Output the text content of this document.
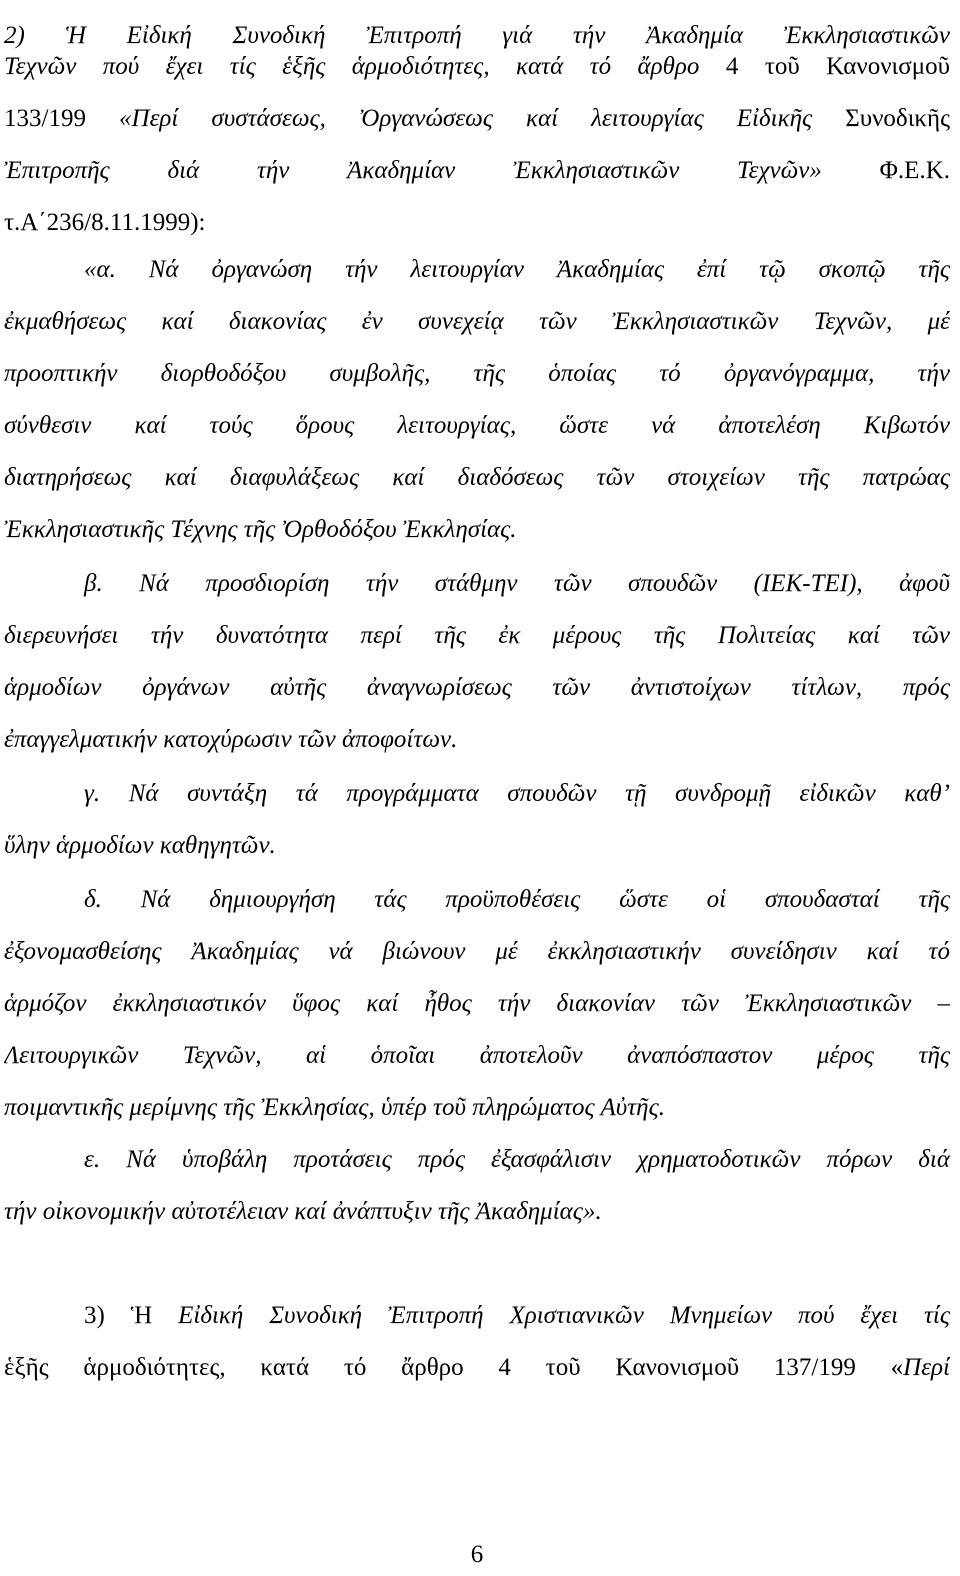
2) Ἡ Εἰδική Συνοδική Ἐπιτροπή γιά τήν Ἀκαδημία Ἐκκλησιαστικῶν

Τεχνῶν πού ἔχει τίς ἑξῆς ἁρμοδιότητες, κατά τό ἄρθρο 4 τοῦ Κανονισμοῦ

133/199 «Περί συστάσεως, Ὀργανώσεως καί λειτουργίας Εἰδικῆς Συνοδικῆς

Ἐπιτροπῆς διά τήν Ἀκαδημίαν Ἐκκλησιαστικῶν Τεχνῶν» Φ.Ε.Κ.

τ.Α΄236/8.11.1999):

«α. Νά ὀργανώση τήν λειτουργίαν Ἀκαδημίας ἐπί τῷ σκοπῷ τῆς

ἐκμαθήσεως καί διακονίας ἐν συνεχείᾳ τῶν Ἐκκλησιαστικῶν Τεχνῶν, μέ

προοπτικήν διορθοδόξου συμβολῆς, τῆς ὁποίας τό ὀργανόγραμμα, τήν

σύνθεσιν καί τούς ὅρους λειτουργίας, ὥστε νά ἀποτελέση Κιβωτόν

διατηρήσεως καί διαφυλάξεως καί διαδόσεως τῶν στοιχείων τῆς πατρώας

Ἐκκλησιαστικῆς Τέχνης τῆς Ὀρθοδόξου Ἐκκλησίας.

β. Νά προσδιορίση τήν στάθμην τῶν σπουδῶν (ΙΕΚ-ΤΕΙ), ἀφοῦ

διερευνήσει τήν δυνατότητα περί τῆς ἐκ μέρους τῆς Πολιτείας καί τῶν

ἁρμοδίων ὀργάνων αὐτῆς ἀναγνωρίσεως τῶν ἀντιστοίχων τίτλων, πρός

ἐπαγγελματικήν κατοχύρωσιν τῶν ἀποφοίτων.

γ. Νά συντάξη τά προγράμματα σπουδῶν τῇ συνδρομῇ εἰδικῶν καθ’

ὕλην ἁρμοδίων καθηγητῶν.

δ. Νά δημιουργήση τάς προϋποθέσεις ὥστε οἱ σπουδασταί τῆς

ἐξονομασθείσης Ἀκαδημίας νά βιώνουν μέ ἐκκλησιαστικήν συνείδησιν καί τό

ἁρμόζον ἐκκλησιαστικόν ὕφος καί ἦθος τήν διακονίαν τῶν Ἐκκλησιαστικῶν –

Λειτουργικῶν Τεχνῶν, αἱ ὁποῖαι ἀποτελοῦν ἀναπόσπαστον μέρος τῆς

ποιμαντικῆς μερίμνης τῆς Ἐκκλησίας, ὑπέρ τοῦ πληρώματος Αὐτῆς.

ε. Νά ὑποβάλη προτάσεις πρός ἐξασφάλισιν χρηματοδοτικῶν πόρων διά

τήν οἰκονομικήν αὐτοτέλειαν καί ἀνάπτυξιν τῆς Ἀκαδημίας».

3) Ἡ Εἰδική Συνοδική Ἐπιτροπή Χριστιανικῶν Μνημείων πού ἔχει τίς

ἑξῆς ἁρμοδιότητες, κατά τό ἄρθρο 4 τοῦ Κανονισμοῦ 137/199 «Περί

6
